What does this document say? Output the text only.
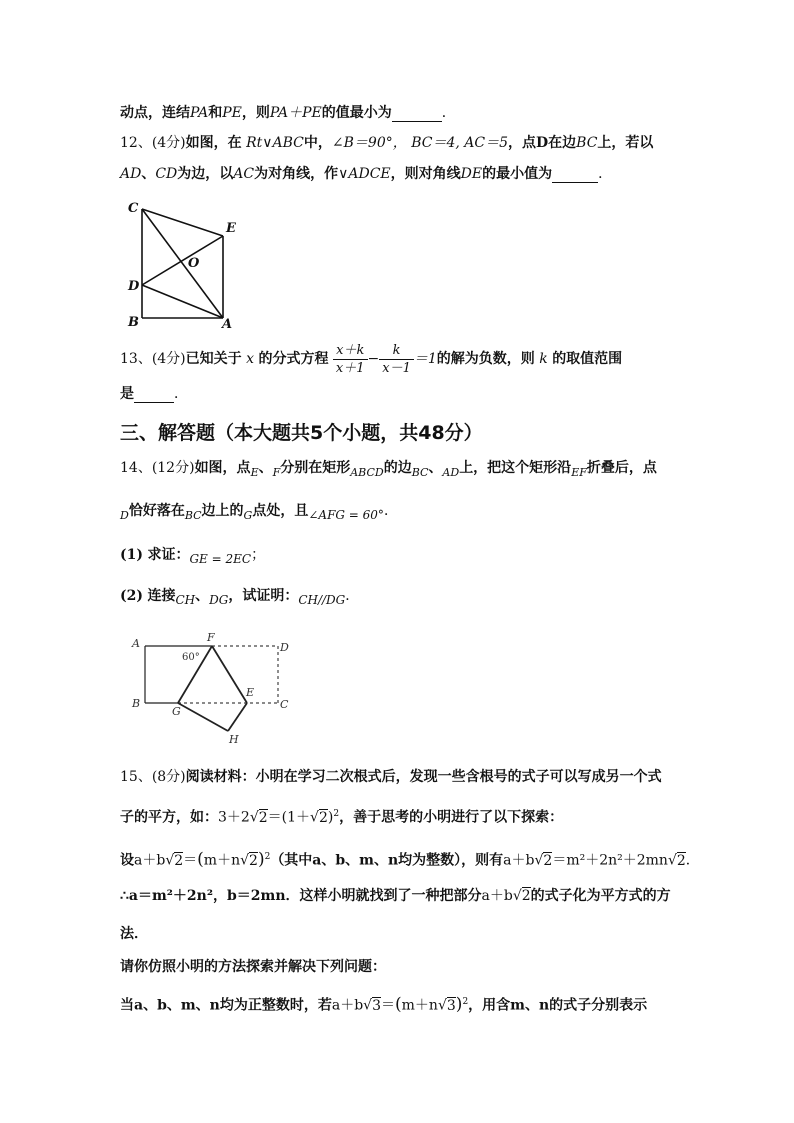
动点，连结PA和PE，则PA＋PE的值最小为	．
12、(4分)如图，在 Rt∨ABC中，∠B＝90°， BC＝4, AC＝5，点D在边BC上，若以
AD、CD为边，以AC为对角线，作∨ADCE，则对角线DE的最小值为	．
C
E
O
D
B	A
13、(4分)已知关于 x 的分式方程 $\frac{x+k}{x+1} - \frac{k}{x-1} =1$的解为负数，则 k 的取值范围
是	．
三、解答题（本大题共5个小题，共48分）
14、(12分)如图，点$_E$、$_F$分别在矩形$_{ABCD}$的边$_{BC}$、$_{AD}$上，把这个矩形沿$_{EF}$折叠后，点
$_D$恰好落在$_{BC}$边上的$_G$点处，且∠AFG = 60°．
(1) 求证：GE = 2EC；
(2) 连接CH、DG，试证明：CH//DG．
A	F
D
60°
E
B
G
C
H
15、(8分)阅读材料：小明在学习二次根式后，发现一些含根号的式子可以写成另一个式
子的平方，如：$3+2√2=(1+√2)^2$，善于思考的小明进行了以下探索：
设$a+b√2=(m+n√2)^2$（其中a、b、m、n均为整数），则有a＋b√2＝m²＋2n²＋2mn√2．
∴a＝m²＋2n²，b＝2mn．这样小明就找到了一种把部分a＋b√2的式子化为平方式的方
法．
请你仿照小明的方法探索并解决下列问题：
当a、b、m、n均为正整数时，若$a+b√3=(m+n√3)^2$，用含m、n的式子分别表示
